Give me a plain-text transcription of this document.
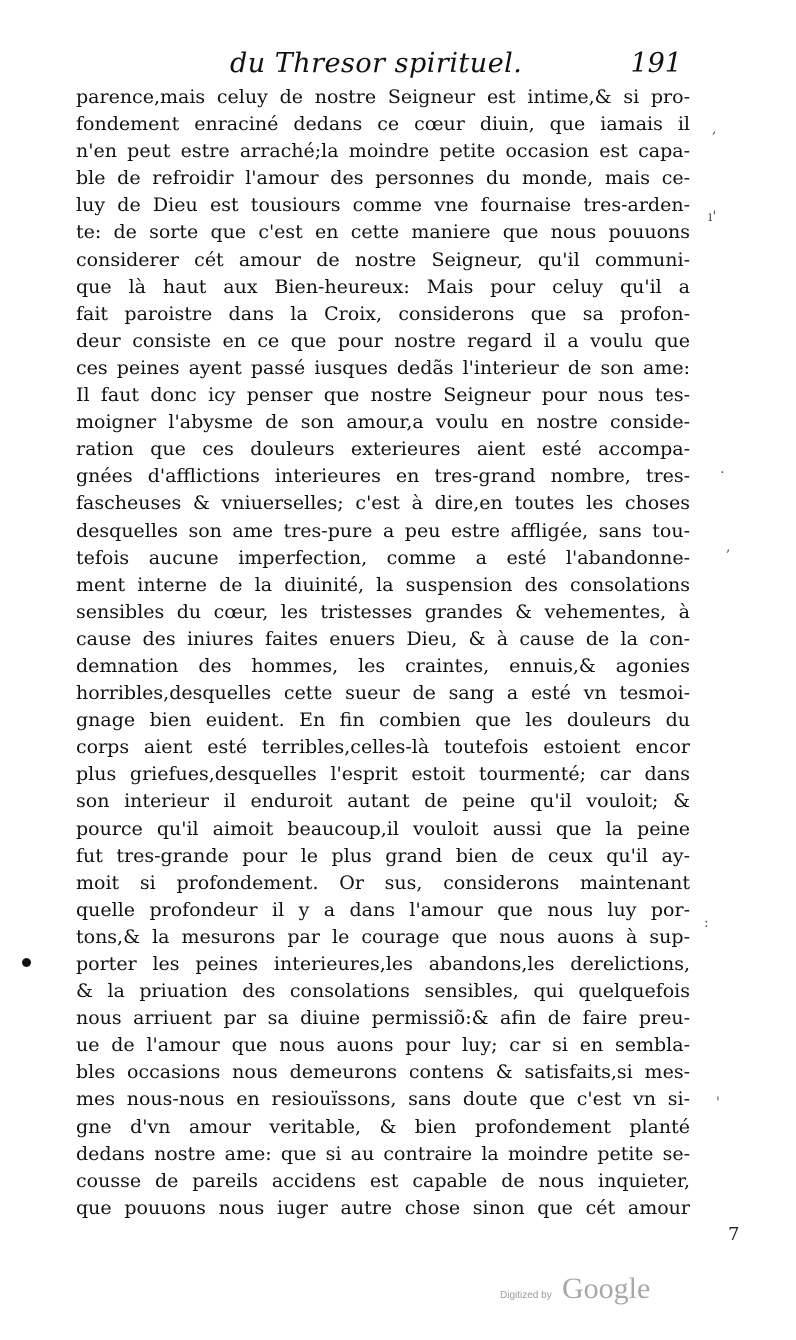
du Thresor spirituel.	191
parence,mais celuy de nostre Seigneur est intime,& si pro-
fondement enraciné dedans ce cœur diuin, que iamais il
n'en peut estre arraché;la moindre petite occasion est capa-
ble de refroidir l'amour des personnes du monde, mais ce-
luy de Dieu est tousiours comme vne fournaise tres-arden-
te: de sorte que c'est en cette maniere que nous pouuons
considerer cét amour de nostre Seigneur, qu'il communi-
que là haut aux Bien-heureux: Mais pour celuy qu'il a
fait paroistre dans la Croix, considerons que sa profon-
deur consiste en ce que pour nostre regard il a voulu que
ces peines ayent passé iusques dedãs l'interieur de son ame:
Il faut donc icy penser que nostre Seigneur pour nous tes-
moigner l'abysme de son amour,a voulu en nostre conside-
ration que ces douleurs exterieures aient esté accompa-
gnées d'afflictions interieures en tres-grand nombre, tres-
fascheuses & vniuerselles; c'est à dire,en toutes les choses
desquelles son ame tres-pure a peu estre affligée, sans tou-
tefois aucune imperfection, comme a esté l'abandonne-
ment interne de la diuinité, la suspension des consolations
sensibles du cœur, les tristesses grandes & vehementes, à
cause des iniures faites enuers Dieu, & à cause de la con-
demnation des hommes, les craintes, ennuis,& agonies
horribles,desquelles cette sueur de sang a esté vn tesmoi-
gnage bien euident. En fin combien que les douleurs du
corps aient esté terribles,celles-là toutefois estoient encor
plus griefues,desquelles l'esprit estoit tourmenté; car dans
son interieur il enduroit autant de peine qu'il vouloit; &
pource qu'il aimoit beaucoup,il vouloit aussi que la peine
fut tres-grande pour le plus grand bien de ceux qu'il ay-
moit si profondement. Or sus, considerons maintenant
quelle profondeur il y a dans l'amour que nous luy por-
tons,& la mesurons par le courage que nous auons à sup-
porter les peines interieures,les abandons,les derelictions,
& la priuation des consolations sensibles, qui quelquefois
nous arriuent par sa diuine permissiõ:& afin de faire preu-
ue de l'amour que nous auons pour luy; car si en sembla-
bles occasions nous demeurons contens & satisfaits,si mes-
mes nous-nous en resiouïssons, sans doute que c'est vn si-
gne d'vn amour veritable, & bien profondement planté
dedans nostre ame: que si au contraire la moindre petite se-
cousse de pareils accidens est capable de nous inquieter,
que pouuons nous iuger autre chose sinon que cét amour
,
ı'
.
,
:
'
7
Digitized by Google
